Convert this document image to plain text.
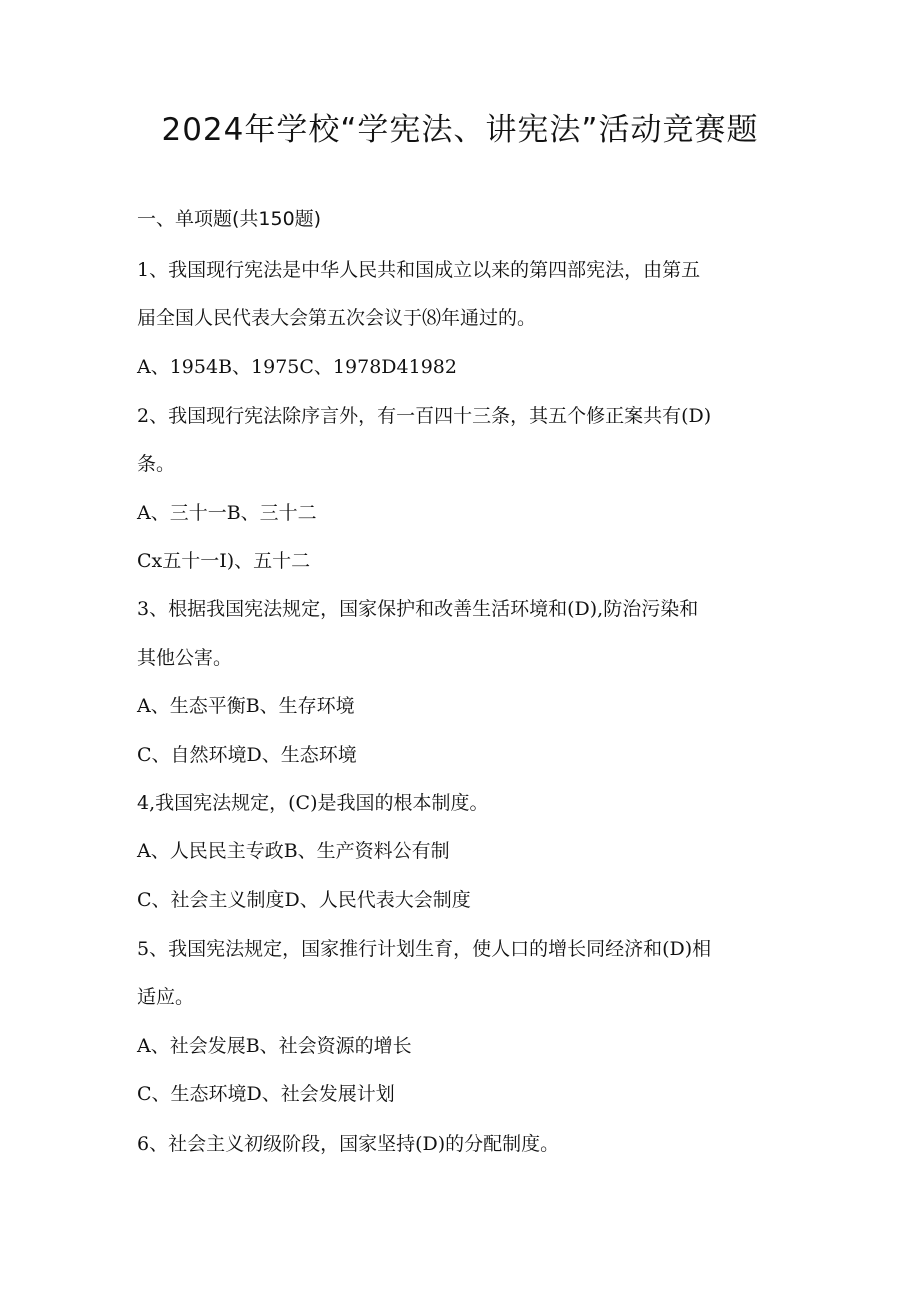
2024年学校“学宪法、讲宪法”活动竞赛题
一、单项题(共150题)
1、我国现行宪法是中华人民共和国成立以来的第四部宪法，由第五
届全国人民代表大会第五次会议于⑻年通过的。
A、1954B、1975C、1978D41982
2、我国现行宪法除序言外，有一百四十三条，其五个修正案共有(D)
条。
A、三十一B、三十二
Cx五十一I)、五十二
3、根据我国宪法规定，国家保护和改善生活环境和(D),防治污染和
其他公害。
A、生态平衡B、生存环境
C、自然环境D、生态环境
4,我国宪法规定，(C)是我国的根本制度。
A、人民民主专政B、生产资料公有制
C、社会主义制度D、人民代表大会制度
5、我国宪法规定，国家推行计划生育，使人口的增长同经济和(D)相
适应。
A、社会发展B、社会资源的增长
C、生态环境D、社会发展计划
6、社会主义初级阶段，国家坚持(D)的分配制度。
